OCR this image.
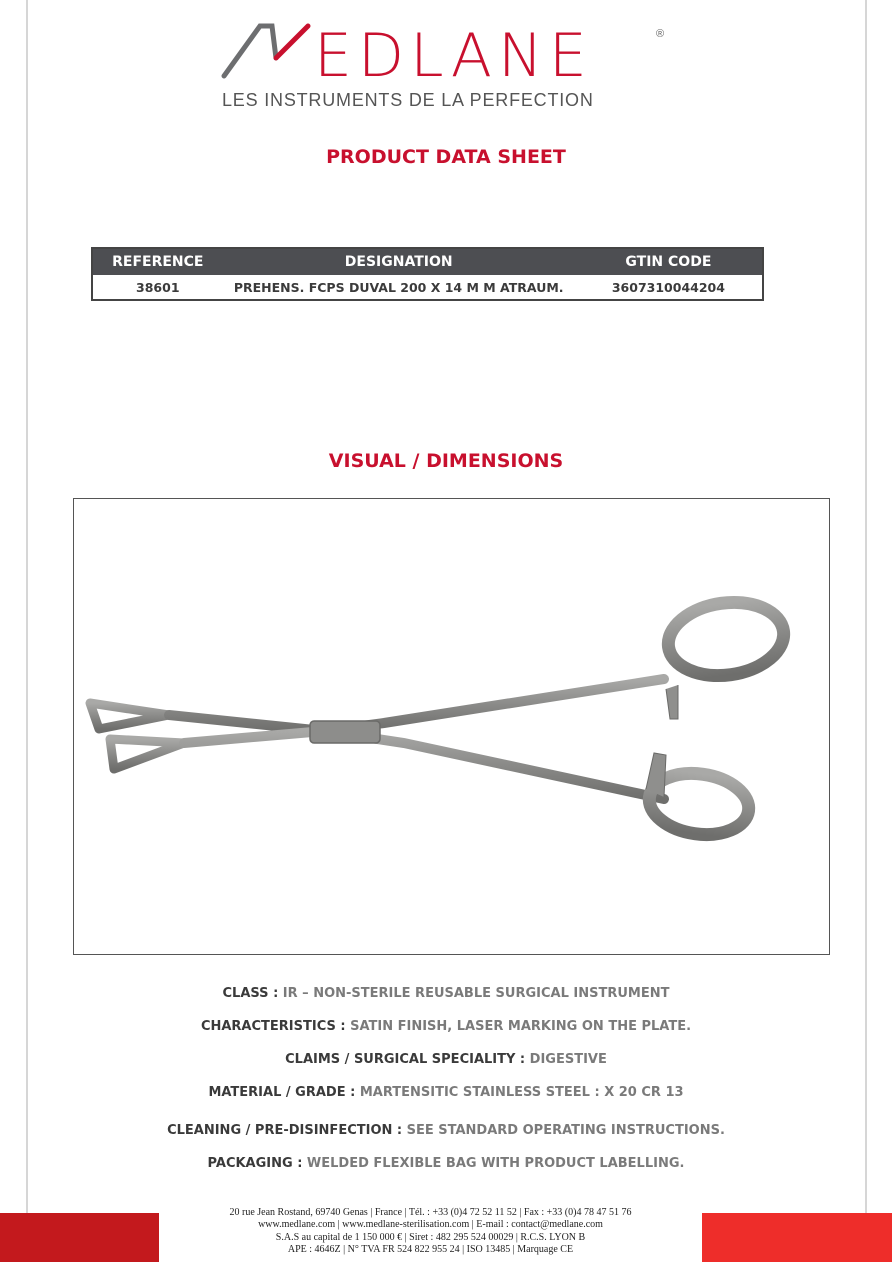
EDLANE	®

LES INSTRUMENTS DE LA PERFECTION

PRODUCT DATA SHEET
REFERENCE	DESIGNATION	GTIN CODE
38601	PREHENS. FCPS DUVAL 200 X 14 M M ATRAUM.	3607310044204
VISUAL / DIMENSIONS

CLASS : IR – NON-STERILE REUSABLE SURGICAL INSTRUMENT

CHARACTERISTICS : SATIN FINISH, LASER MARKING ON THE PLATE.

CLAIMS / SURGICAL SPECIALITY : DIGESTIVE

MATERIAL / GRADE : MARTENSITIC STAINLESS STEEL : X 20 CR 13

CLEANING / PRE-DISINFECTION : SEE STANDARD OPERATING INSTRUCTIONS.

PACKAGING : WELDED FLEXIBLE BAG WITH PRODUCT LABELLING.

20 rue Jean Rostand, 69740 Genas | France | Tél. : +33 (0)4 72 52 11 52 | Fax : +33 (0)4 78 47 51 76

www.medlane.com | www.medlane-sterilisation.com | E-mail : contact@medlane.com

S.A.S au capital de 1 150 000 € | Siret : 482 295 524 00029 | R.C.S. LYON B

APE : 4646Z | N° TVA FR 524 822 955 24 | ISO 13485 | Marquage CE
